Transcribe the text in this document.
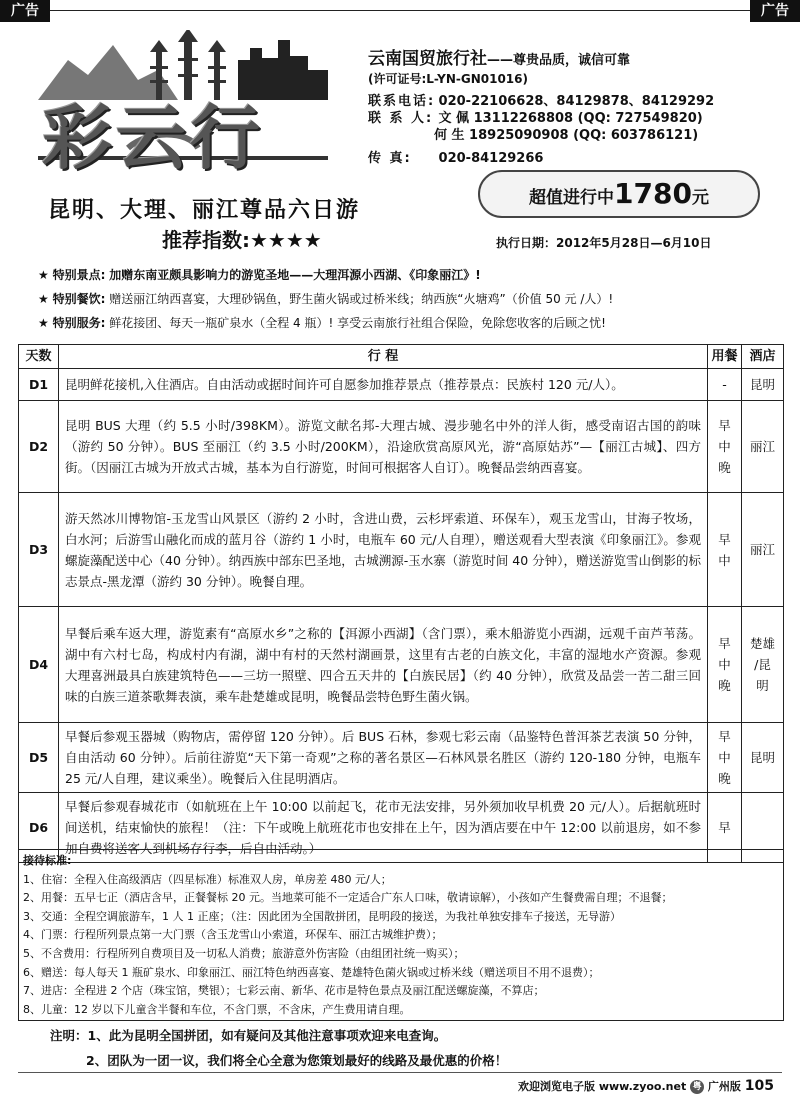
广告	广告
彩云行
云南国贸旅行社——尊贵品质，诚信可靠
(许可证号:L-YN-GN01016)
联系电话: 020-22106628、84129878、84129292
联 系 人: 文 佩 13112268808 (QQ: 727549820)
何 生 18925090908 (QQ: 603786121)
传 真: 020-84129266
超值进行中1780元
昆明、大理、丽江尊品六日游
推荐指数:★★★★	执行日期：2012年5月28日—6月10日
★ 特别景点: 加赠东南亚颇具影响力的游览圣地——大理洱源小西湖、《印象丽江》!
★ 特别餐饮: 赠送丽江纳西喜宴，大理砂锅鱼，野生菌火锅或过桥米线；纳西族“火塘鸡”（价值 50 元 /人）!
★ 特别服务: 鲜花接团、每天一瓶矿泉水（全程 4 瓶）! 享受云南旅行社组合保险，免除您收客的后顾之忧!
天数	行 程	用餐	酒店
D1	昆明鲜花接机,入住酒店。自由活动或据时间许可自愿参加推荐景点（推荐景点：民族村 120 元/人）。	-	昆明
D2	昆明 BUS 大理（约 5.5 小时/398KM）。游览文献名邦-大理古城、漫步驰名中外的洋人街，感受南诏古国的韵味（游约 50 分钟）。BUS 至丽江（约 3.5 小时/200KM），沿途欣赏高原风光，游“高原姑苏”—【丽江古城】、四方街。（因丽江古城为开放式古城，基本为自行游览，时间可根据客人自订）。晚餐品尝纳西喜宴。	早
中
晚	丽江
D3	游天然冰川博物馆-玉龙雪山风景区（游约 2 小时，含进山费，云杉坪索道、环保车），观玉龙雪山，甘海子牧场，白水河；后游雪山融化而成的蓝月谷（游约 1 小时，电瓶车 60 元/人自理），赠送观看大型表演《印象丽江》。参观螺旋藻配送中心（40 分钟）。纳西族中部东巴圣地，古城溯源-玉水寨（游览时间 40 分钟），赠送游览雪山倒影的标志景点-黑龙潭（游约 30 分钟）。晚餐自理。	早
中	丽江
D4	早餐后乘车返大理，游览素有“高原水乡”之称的【洱源小西湖】（含门票），乘木船游览小西湖，远观千亩芦苇荡。湖中有六村七岛，构成村内有湖，湖中有村的天然村湖画景，这里有古老的白族文化，丰富的湿地水产资源。参观大理喜洲最具白族建筑特色——三坊一照壁、四合五天井的【白族民居】（约 40 分钟），欣赏及品尝一苦二甜三回味的白族三道茶歌舞表演，乘车赴楚雄或昆明，晚餐品尝特色野生菌火锅。	早
中
晚	楚雄
/昆
明
D5	早餐后参观玉器城（购物店，需停留 120 分钟）。后 BUS 石林，参观七彩云南（品鉴特色普洱茶艺表演 50 分钟，自由活动 60 分钟）。后前往游览“天下第一奇观”之称的著名景区—石林风景名胜区（游约 120-180 分钟，电瓶车 25 元/人自理，建议乘坐）。晚餐后入住昆明酒店。	早
中
晚	昆明
D6	早餐后参观春城花市（如航班在上午 10:00 以前起飞，花市无法安排，另外须加收早机费 20 元/人）。后据航班时间送机，结束愉快的旅程！（注：下午或晚上航班花市也安排在上午，因为酒店要在中午 12:00 以前退房，如不参加自费将送客人到机场存行李，后自由活动。）	早	
接待标准:
1、住宿：全程入住高级酒店（四星标准）标准双人房，单房差 480 元/人；
2、用餐：五早七正（酒店含早，正餐餐标 20 元。当地菜可能不一定适合广东人口味，敬请谅解），小孩如产生餐费需自理；不退餐；
3、交通：全程空调旅游车，1 人 1 正座；（注：因此团为全国散拼团，昆明段的接送，为我社单独安排车子接送，无导游）
4、门票：行程所列景点第一大门票（含玉龙雪山小索道，环保车、丽江古城维护费）；
5、不含费用：行程所列自费项目及一切私人消费；旅游意外伤害险（由组团社统一购买）；
6、赠送：每人每天 1 瓶矿泉水、印象丽江、丽江特色纳西喜宴、楚雄特色菌火锅或过桥米线（赠送项目不用不退费）；
7、进店：全程进 2 个店（珠宝馆，樊银）；七彩云南、新华、花市是特色景点及丽江配送螺旋藻，不算店；
8、儿童：12 岁以下儿童含半餐和车位，不含门票，不含床，产生费用请自理。
注明：1、此为昆明全国拼团，如有疑问及其他注意事项欢迎来电查询。
2、团队为一团一议，我们将全心全意为您策划最好的线路及最优惠的价格！
欢迎浏览电子版 www.zyoo.net 粤 广州版 105
